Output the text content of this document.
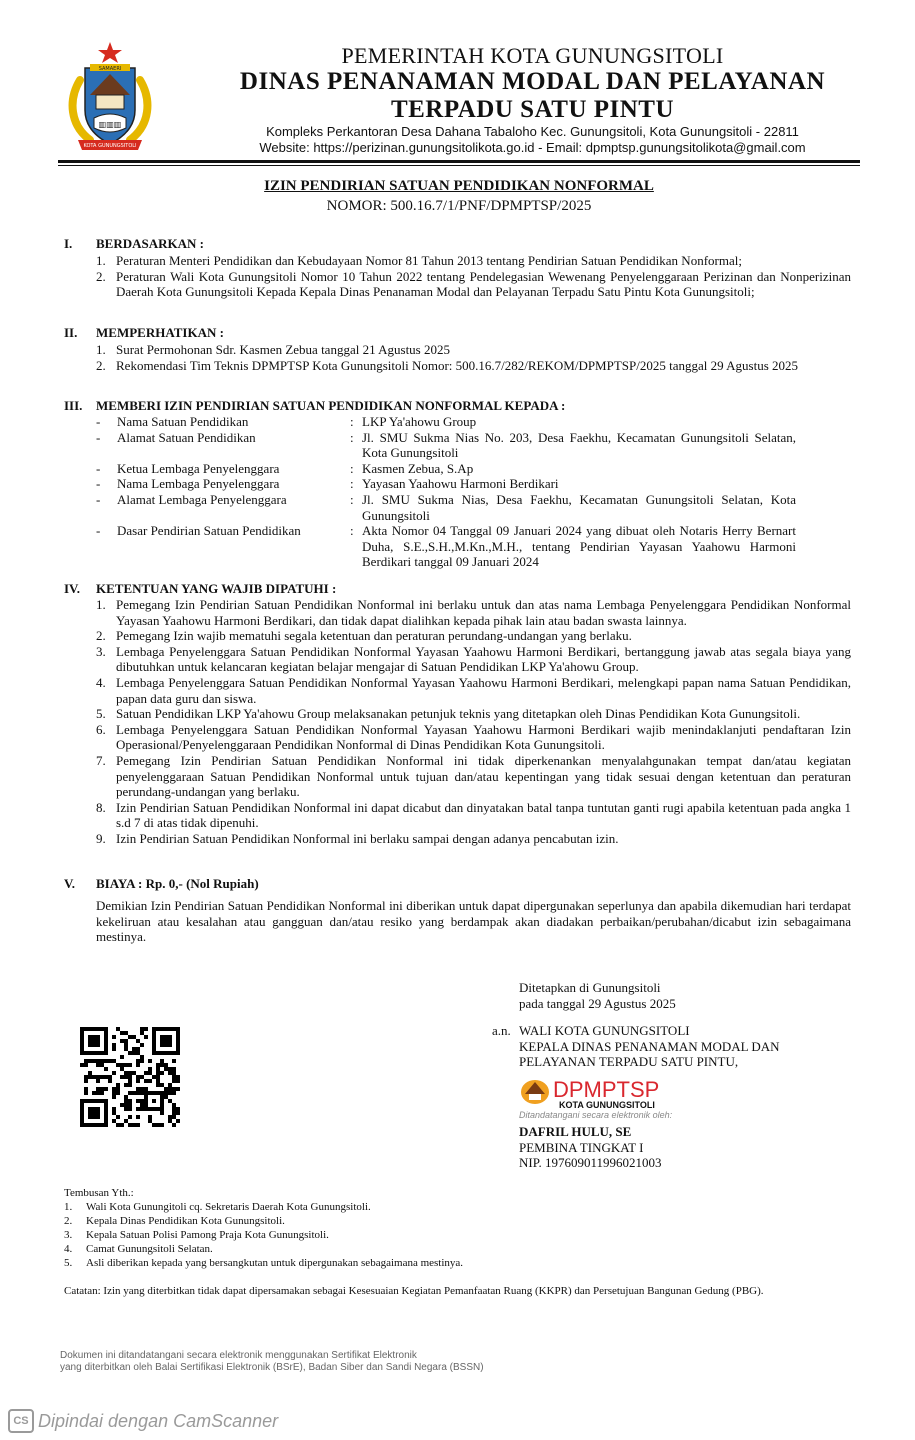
▥▥▥
SAMAERI
KOTA GUNUNGSITOLI
PEMERINTAH KOTA GUNUNGSITOLI
DINAS PENANAMAN MODAL DAN PELAYANAN
TERPADU SATU PINTU
Kompleks Perkantoran Desa Dahana Tabaloho Kec. Gunungsitoli, Kota Gunungsitoli - 22811
Website: https://perizinan.gunungsitolikota.go.id - Email: dpmptsp.gunungsitolikota@gmail.com
IZIN PENDIRIAN SATUAN PENDIDIKAN NONFORMAL
NOMOR: 500.16.7/1/PNF/DPMPTSP/2025
I. BERDASARKAN :
1. Peraturan Menteri Pendidikan dan Kebudayaan Nomor 81 Tahun 2013 tentang Pendirian Satuan Pendidikan Nonformal;
2. Peraturan Wali Kota Gunungsitoli Nomor 10 Tahun 2022 tentang Pendelegasian Wewenang Penyelenggaraan Perizinan dan Nonperizinan Daerah Kota Gunungsitoli Kepada Kepala Dinas Penanaman Modal dan Pelayanan Terpadu Satu Pintu Kota Gunungsitoli;
II. MEMPERHATIKAN :
1. Surat Permohonan Sdr. Kasmen Zebua tanggal 21 Agustus 2025
2. Rekomendasi Tim Teknis DPMPTSP Kota Gunungsitoli Nomor: 500.16.7/282/REKOM/DPMPTSP/2025 tanggal 29 Agustus 2025
III. MEMBERI IZIN PENDIRIAN SATUAN PENDIDIKAN NONFORMAL KEPADA :
-	Nama Satuan Pendidikan	: LKP Ya'ahowu Group
-	Alamat Satuan Pendidikan	: Jl. SMU Sukma Nias No. 203, Desa Faekhu, Kecamatan Gunungsitoli Selatan, Kota Gunungsitoli
-	Ketua Lembaga Penyelenggara	: Kasmen Zebua, S.Ap
-	Nama Lembaga Penyelenggara	: Yayasan Yaahowu Harmoni Berdikari
-	Alamat Lembaga Penyelenggara	: Jl. SMU Sukma Nias, Desa Faekhu, Kecamatan Gunungsitoli Selatan, Kota Gunungsitoli
-	Dasar Pendirian Satuan Pendidikan	: Akta Nomor 04 Tanggal 09 Januari 2024 yang dibuat oleh Notaris Herry Bernart Duha, S.E.,S.H.,M.Kn.,M.H., tentang Pendirian Yayasan Yaahowu Harmoni Berdikari tanggal 09 Januari 2024
IV. KETENTUAN YANG WAJIB DIPATUHI :
1. Pemegang Izin Pendirian Satuan Pendidikan Nonformal ini berlaku untuk dan atas nama Lembaga Penyelenggara Pendidikan Nonformal Yayasan Yaahowu Harmoni Berdikari, dan tidak dapat dialihkan kepada pihak lain atau badan swasta lainnya.
2. Pemegang Izin wajib mematuhi segala ketentuan dan peraturan perundang-undangan yang berlaku.
3. Lembaga Penyelenggara Satuan Pendidikan Nonformal Yayasan Yaahowu Harmoni Berdikari, bertanggung jawab atas segala biaya yang dibutuhkan untuk kelancaran kegiatan belajar mengajar di Satuan Pendidikan LKP Ya'ahowu Group.
4. Lembaga Penyelenggara Satuan Pendidikan Nonformal Yayasan Yaahowu Harmoni Berdikari, melengkapi papan nama Satuan Pendidikan, papan data guru dan siswa.
5. Satuan Pendidikan LKP Ya'ahowu Group melaksanakan petunjuk teknis yang ditetapkan oleh Dinas Pendidikan Kota Gunungsitoli.
6. Lembaga Penyelenggara Satuan Pendidikan Nonformal Yayasan Yaahowu Harmoni Berdikari wajib menindaklanjuti pendaftaran Izin Operasional/Penyelenggaraan Pendidikan Nonformal di Dinas Pendidikan Kota Gunungsitoli.
7. Pemegang Izin Pendirian Satuan Pendidikan Nonformal ini tidak diperkenankan menyalahgunakan tempat dan/atau kegiatan penyelenggaraan Satuan Pendidikan Nonformal untuk tujuan dan/atau kepentingan yang tidak sesuai dengan ketentuan dan peraturan perundang-undangan yang berlaku.
8. Izin Pendirian Satuan Pendidikan Nonformal ini dapat dicabut dan dinyatakan batal tanpa tuntutan ganti rugi apabila ketentuan pada angka 1 s.d 7 di atas tidak dipenuhi.
9. Izin Pendirian Satuan Pendidikan Nonformal ini berlaku sampai dengan adanya pencabutan izin.
V. BIAYA : Rp. 0,- (Nol Rupiah)
Demikian Izin Pendirian Satuan Pendidikan Nonformal ini diberikan untuk dapat dipergunakan seperlunya dan apabila dikemudian hari terdapat kekeliruan atau kesalahan atau gangguan dan/atau resiko yang berdampak akan diadakan perbaikan/perubahan/dicabut izin sebagaimana mestinya.
Ditetapkan di Gunungsitoli
pada tanggal 29 Agustus 2025
WALI KOTA GUNUNGSITOLI
KEPALA DINAS PENANAMAN MODAL DAN
PELAYANAN TERPADU SATU PINTU,
DAFRIL HULU, SE
PEMBINA TINGKAT I
NIP. 197609011996021003
a.n.
DPMPTSP
KOTA GUNUNGSITOLI
Ditandatangani secara elektronik oleh:
Tembusan Yth.:
1. Wali Kota Gunungitoli cq. Sekretaris Daerah Kota Gunungsitoli.
2. Kepala Dinas Pendidikan Kota Gunungsitoli.
3. Kepala Satuan Polisi Pamong Praja Kota Gunungsitoli.
4. Camat Gunungsitoli Selatan.
5. Asli diberikan kepada yang bersangkutan untuk dipergunakan sebagaimana mestinya.
Catatan: Izin yang diterbitkan tidak dapat dipersamakan sebagai Kesesuaian Kegiatan Pemanfaatan Ruang (KKPR) dan Persetujuan Bangunan Gedung (PBG).
Dokumen ini ditandatangani secara elektronik menggunakan Sertifikat Elektronik
yang diterbitkan oleh Balai Sertifikasi Elektronik (BSrE), Badan Siber dan Sandi Negara (BSSN)
CS Dipindai dengan CamScanner
